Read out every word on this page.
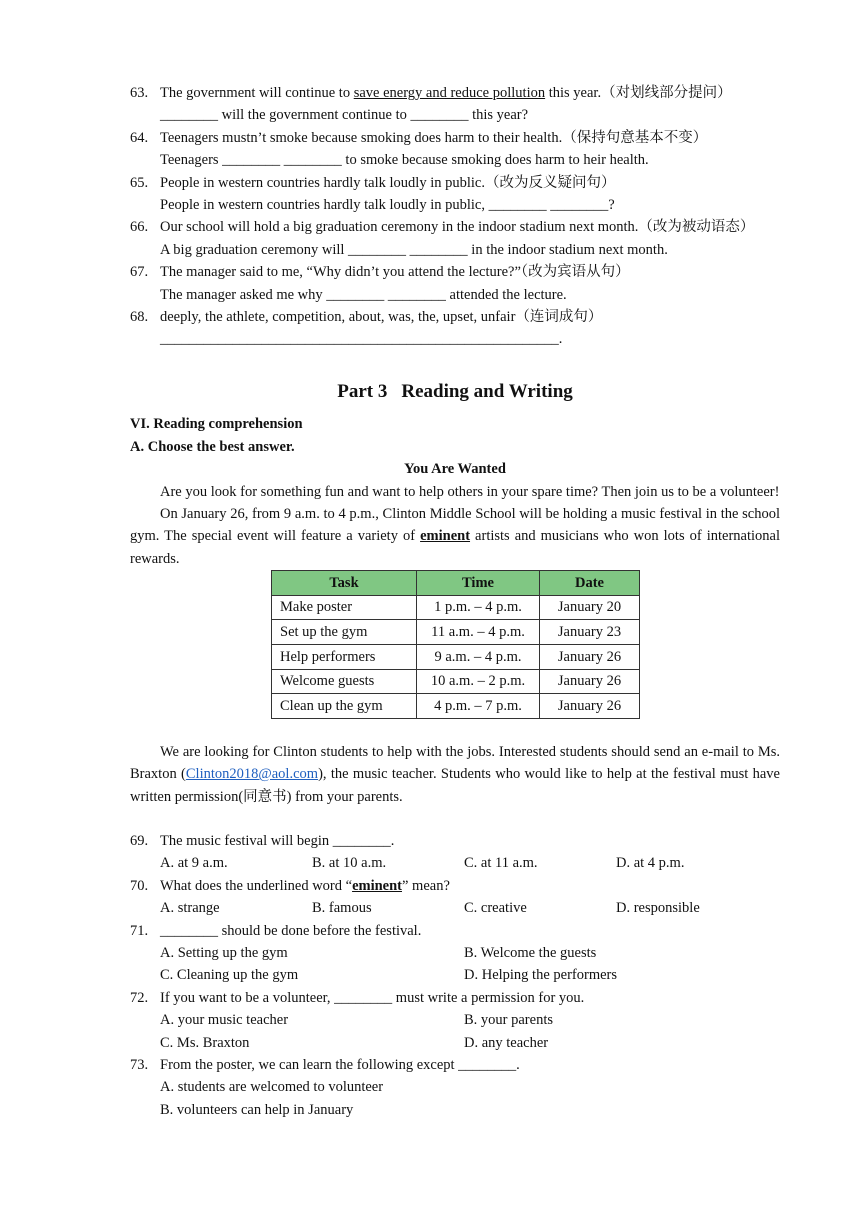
63. The government will continue to save energy and reduce pollution this year.（对划线部分提问）
________ will the government continue to ________ this year?
64. Teenagers mustn’t smoke because smoking does harm to their health.（保持句意基本不变）
Teenagers ________ ________ to smoke because smoking does harm to heir health.
65. People in western countries hardly talk loudly in public.（改为反义疑问句）
People in western countries hardly talk loudly in public, ________ ________?
66. Our school will hold a big graduation ceremony in the indoor stadium next month.（改为被动语态）
A big graduation ceremony will ________ ________ in the indoor stadium next month.
67. The manager said to me, “Why didn’t you attend the lecture?”（改为宾语从句）
The manager asked me why ________ ________ attended the lecture.
68. deeply, the athlete, competition, about, was, the, upset, unfair（连词成句）
_______________________________________________________.
Part 3 Reading and Writing
VI. Reading comprehension
A. Choose the best answer.
You Are Wanted
Are you look for something fun and want to help others in your spare time? Then join us to be a volunteer!
On January 26, from 9 a.m. to 4 p.m., Clinton Middle School will be holding a music festival in the school gym. The special event will feature a variety of eminent artists and musicians who won lots of international rewards.
Task	Time	Date
Make poster	1 p.m. – 4 p.m.	January 20
Set up the gym	11 a.m. – 4 p.m.	January 23
Help performers	9 a.m. – 4 p.m.	January 26
Welcome guests	10 a.m. – 2 p.m.	January 26
Clean up the gym	4 p.m. – 7 p.m.	January 26
We are looking for Clinton students to help with the jobs. Interested students should send an e-mail to Ms. Braxton (Clinton2018@aol.com), the music teacher. Students who would like to help at the festival must have written permission(同意书) from your parents.
69. The music festival will begin ________.
A. at 9 a.m.	B. at 10 a.m.	C. at 11 a.m.	D. at 4 p.m.
70. What does the underlined word “eminent” mean?
A. strange	B. famous	C. creative	D. responsible
71. ________ should be done before the festival.
A. Setting up the gym	B. Welcome the guests
C. Cleaning up the gym	D. Helping the performers
72. If you want to be a volunteer, ________ must write a permission for you.
A. your music teacher	B. your parents
C. Ms. Braxton	D. any teacher
73. From the poster, we can learn the following except ________.
A. students are welcomed to volunteer
B. volunteers can help in January
